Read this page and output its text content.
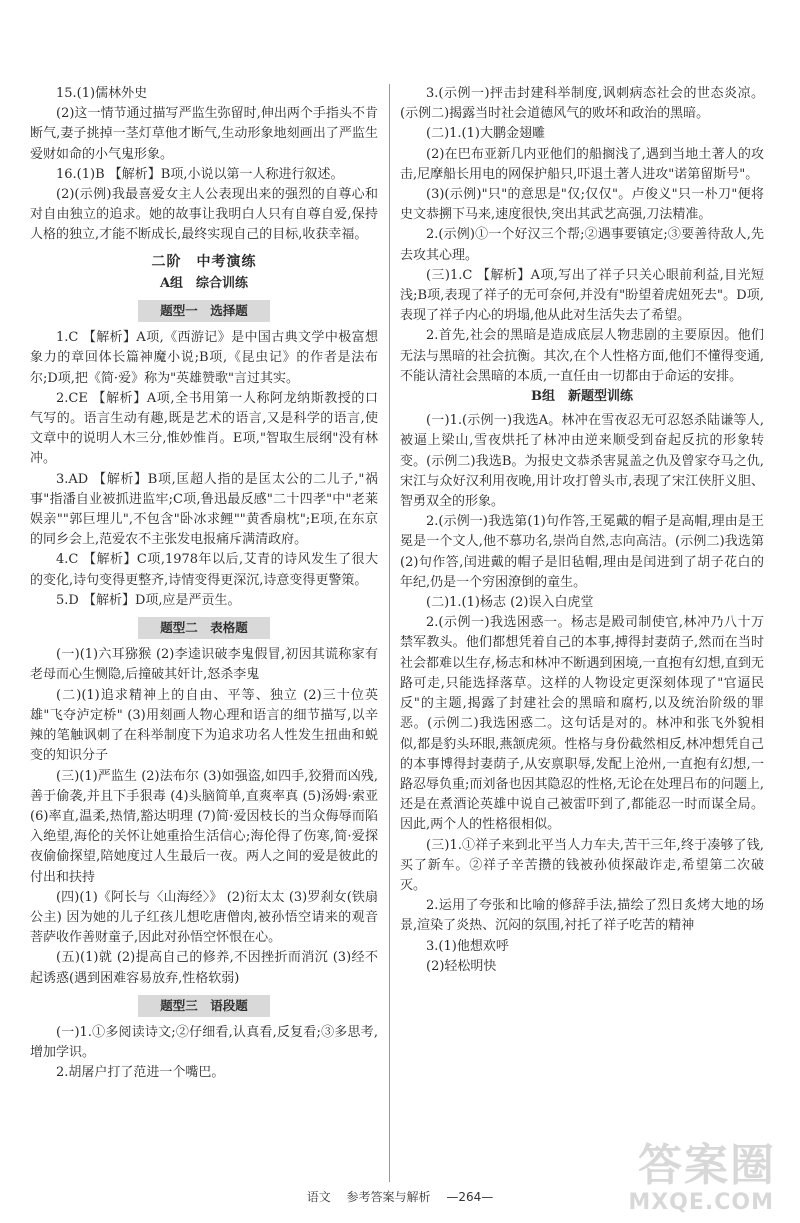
15.(1)儒林外史

(2)这一情节通过描写严监生弥留时,伸出两个手指头不肯断气,妻子挑掉一茎灯草他才断气,生动形象地刻画出了严监生爱财如命的小气鬼形象。

16.(1)B 【解析】B项,小说以第一人称进行叙述。

(2)(示例)我最喜爱女主人公表现出来的强烈的自尊心和对自由独立的追求。她的故事让我明白人只有自尊自爱,保持人格的独立,才能不断成长,最终实现自己的目标,收获幸福。

二阶　中考演练
A组　综合训练
题型一　选择题

1.C 【解析】A项,《西游记》是中国古典文学中极富想象力的章回体长篇神魔小说;B项,《昆虫记》的作者是法布尔;D项,把《简·爱》称为"英雄赞歌"言过其实。

2.CE 【解析】A项,全书用第一人称阿龙纳斯教授的口气写的。语言生动有趣,既是艺术的语言,又是科学的语言,使文章中的说明人木三分,惟妙惟肖。E项,"智取生辰纲"没有林冲。

3.AD 【解析】B项,匡超人指的是匡太公的二儿子,"祸事"指潘自业被抓进监牢;C项,鲁迅最反感"二十四孝"中"老莱娱亲""郭巨埋儿",不包含"卧冰求鲤""黄香扇枕";E项,在东京的同乡会上,范爱农不主张发电报痛斥满清政府。

4.C 【解析】C项,1978年以后,艾青的诗风发生了很大的变化,诗句变得更整齐,诗情变得更深沉,诗意变得更警策。

5.D 【解析】D项,应是严贡生。

题型二　表格题

(一)(1)六耳猕猴 (2)李逵识破李鬼假冒,初因其谎称家有老母而心生恻隐,后撞破其奸计,怒杀李鬼

(二)(1)追求精神上的自由、平等、独立 (2)三十位英雄"飞夺泸定桥" (3)用刻画人物心理和语言的细节描写,以辛辣的笔触讽刺了在科举制度下为追求功名人性发生扭曲和蜕变的知识分子

(三)(1)严监生 (2)法布尔 (3)如强盗,如四手,狡猾而凶残,善于偷袭,并且下手狠毒 (4)头脑简单,直爽率真 (5)汤姆·索亚 (6)率直,温柔,热情,豁达明理 (7)简·爱因枝长的当众侮辱而陷入绝望,海伦的关怀让她重拾生活信心;海伦得了伤寒,简·爱探夜偷偷探望,陪她度过人生最后一夜。两人之间的爱是彼此的付出和扶持

(四)(1)《阿长与〈山海经〉》 (2)衍太太 (3)罗刹女(铁扇公主) 因为她的儿子红孩儿想吃唐僧肉,被孙悟空请来的观音菩萨收作善财童子,因此对孙悟空怀恨在心。

(五)(1)就 (2)提高自己的修养,不因挫折而消沉 (3)经不起诱惑(遇到困难容易放弃,性格软弱)

题型三　语段题

(一)1.①多阅读诗文;②仔细看,认真看,反复看;③多思考,增加学识。

2.胡屠户打了范进一个嘴巴。

3.(示例一)抨击封建科举制度,讽刺病态社会的世态炎凉。(示例二)揭露当时社会道德风气的败坏和政治的黑暗。

(二)1.(1)大鹏金翅雕

(2)在巴布亚新几内亚他们的船搁浅了,遇到当地土著人的攻击,尼摩船长用电的网保护船只,吓退土著人进攻"诺第留斯号"。

(3)(示例)"只"的意思是"仅;仅仅"。卢俊义"只一朴刀"便将史文恭搠下马来,速度很快,突出其武艺高强,刀法精准。

2.(示例)①一个好汉三个帮;②遇事要镇定;③要善待敌人,先去攻其心理。

(三)1.C 【解析】A项,写出了祥子只关心眼前利益,目光短浅;B项,表现了祥子的无可奈何,并没有"盼望着虎妞死去"。D项,表现了祥子内心的坍塌,他从此对生活失去了希望。

2.首先,社会的黑暗是造成底层人物悲剧的主要原因。他们无法与黑暗的社会抗衡。其次,在个人性格方面,他们不懂得变通,不能认清社会黑暗的本质,一直任由一切都由于命运的安排。

B组　新题型训练

(一)1.(示例一)我选A。林冲在雪夜忍无可忍怒杀陆谦等人,被逼上梁山,雪夜烘托了林冲由逆来顺受到奋起反抗的形象转变。(示例二)我选B。为报史文恭杀害晁盖之仇及曾家夺马之仇,宋江与众好汉利用夜晚,用计攻打曾头市,表现了宋江侠肝义胆、智勇双全的形象。

2.(示例一)我选第(1)句作答,王冕戴的帽子是高帽,理由是王冕是一个文人,他不慕功名,崇尚自然,志向高洁。(示例二)我选第(2)句作答,闰进戴的帽子是旧毡帽,理由是闰进到了胡子花白的年纪,仍是一个穷困潦倒的童生。

(二)1.(1)杨志 (2)误入白虎堂

2.(示例一)我选困惑一。杨志是殿司制使官,林冲乃八十万禁军教头。他们都想凭着自己的本事,搏得封妻荫子,然而在当时社会都难以生存,杨志和林冲不断遇到困境,一直抱有幻想,直到无路可走,只能选择落草。这样的人物设定更深刻体现了"官逼民反"的主题,揭露了封建社会的黑暗和腐朽,以及统治阶级的罪恶。(示例二)我选困惑二。这句话是对的。林冲和张飞外貌相似,都是豹头环眼,燕颔虎须。性格与身份截然相反,林冲想凭自己的本事博得封妻荫子,从安禀职辱,发配上沧州,一直抱有幻想,一路忍辱负重;而刘备也因其隐忍的性格,无论在处理吕布的问题上,还是在煮酒论英雄中说自己被雷吓到了,都能忍一时而谋全局。因此,两个人的性格很相似。

(三)1.①祥子来到北平当人力车夫,苦干三年,终于凑够了钱,买了新车。②祥子辛苦攒的钱被孙侦探敲诈走,希望第二次破灭。

2.运用了夸张和比喻的修辞手法,描绘了烈日炙烤大地的场景,渲染了炎热、沉闷的氛围,衬托了祥子吃苦的精神

3.(1)他想欢呼

(2)轻松明快

语文 参考答案与解析 —264—
答案圈
MXQE.COM
